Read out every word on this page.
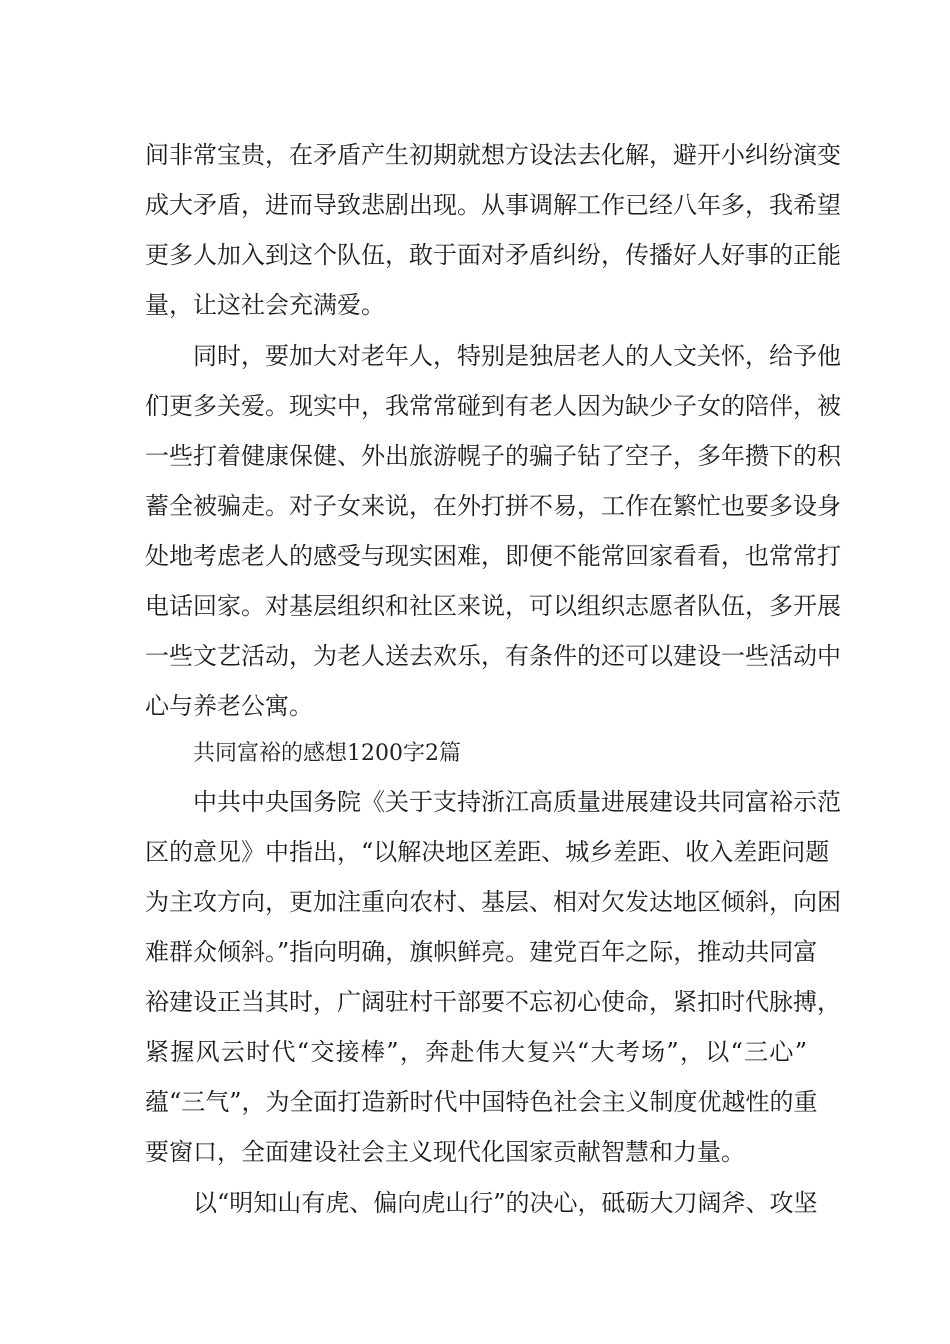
间非常宝贵，在矛盾产生初期就想方设法去化解，避开小纠纷演变
成大矛盾，进而导致悲剧出现。从事调解工作已经八年多，我希望
更多人加入到这个队伍，敢于面对矛盾纠纷，传播好人好事的正能
量，让这社会充满爱。
同时，要加大对老年人，特别是独居老人的人文关怀，给予他
们更多关爱。现实中，我常常碰到有老人因为缺少子女的陪伴，被
一些打着健康保健、外出旅游幌子的骗子钻了空子，多年攒下的积
蓄全被骗走。对子女来说，在外打拼不易，工作在繁忙也要多设身
处地考虑老人的感受与现实困难，即便不能常回家看看，也常常打
电话回家。对基层组织和社区来说，可以组织志愿者队伍，多开展
一些文艺活动，为老人送去欢乐，有条件的还可以建设一些活动中
心与养老公寓。
共同富裕的感想1200字2篇
中共中央国务院《关于支持浙江高质量进展建设共同富裕示范
区的意见》中指出，“以解决地区差距、城乡差距、收入差距问题
为主攻方向，更加注重向农村、基层、相对欠发达地区倾斜，向困
难群众倾斜。”指向明确，旗帜鲜亮。建党百年之际，推动共同富
裕建设正当其时，广阔驻村干部要不忘初心使命，紧扣时代脉搏，
紧握风云时代“交接棒”，奔赴伟大复兴“大考场”，以“三心”
蕴“三气”，为全面打造新时代中国特色社会主义制度优越性的重
要窗口，全面建设社会主义现代化国家贡献智慧和力量。
以“明知山有虎、偏向虎山行”的决心，砥砺大刀阔斧、攻坚
